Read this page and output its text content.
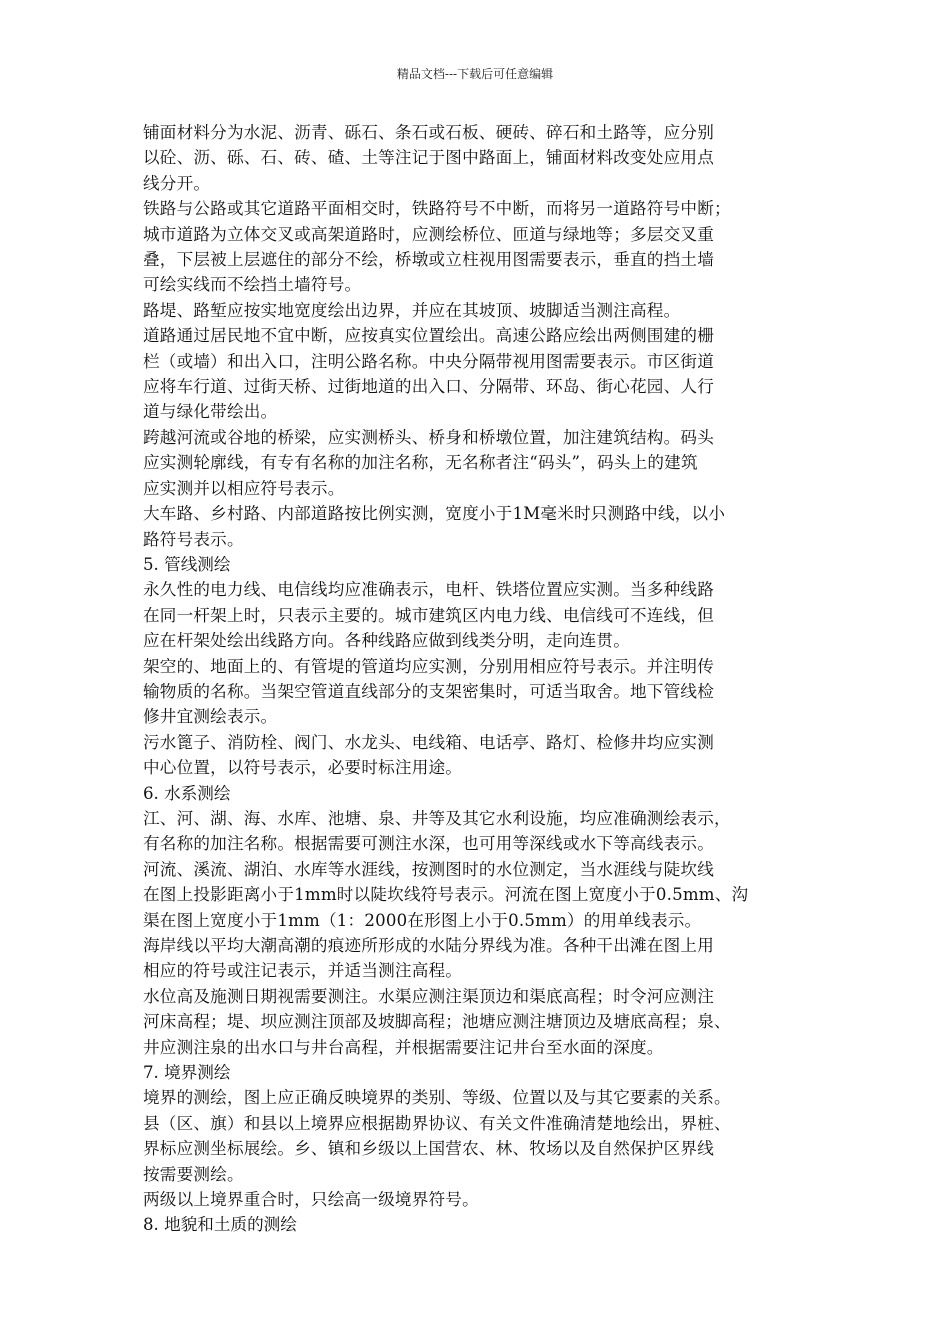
精品文档---下载后可任意编辑

铺面材料分为水泥、沥青、砾石、条石或石板、硬砖、碎石和土路等，应分别
以砼、沥、砾、石、砖、碴、土等注记于图中路面上，铺面材料改变处应用点
线分开。

铁路与公路或其它道路平面相交时，铁路符号不中断，而将另一道路符号中断；
城市道路为立体交叉或高架道路时，应测绘桥位、匝道与绿地等；多层交叉重
叠，下层被上层遮住的部分不绘，桥墩或立柱视用图需要表示，垂直的挡土墙
可绘实线而不绘挡土墙符号。

路堤、路堑应按实地宽度绘出边界，并应在其坡顶、坡脚适当测注高程。

道路通过居民地不宜中断，应按真实位置绘出。高速公路应绘出两侧围建的栅
栏（或墙）和出入口，注明公路名称。中央分隔带视用图需要表示。市区街道
应将车行道、过街天桥、过街地道的出入口、分隔带、环岛、街心花园、人行
道与绿化带绘出。

跨越河流或谷地的桥梁，应实测桥头、桥身和桥墩位置，加注建筑结构。码头
应实测轮廓线，有专有名称的加注名称，无名称者注“码头”，码头上的建筑
应实测并以相应符号表示。

大车路、乡村路、内部道路按比例实测，宽度小于1M毫米时只测路中线，以小
路符号表示。

5. 管线测绘

永久性的电力线、电信线均应准确表示，电杆、铁塔位置应实测。当多种线路
在同一杆架上时，只表示主要的。城市建筑区内电力线、电信线可不连线，但
应在杆架处绘出线路方向。各种线路应做到线类分明，走向连贯。

架空的、地面上的、有管堤的管道均应实测，分别用相应符号表示。并注明传
输物质的名称。当架空管道直线部分的支架密集时，可适当取舍。地下管线检
修井宜测绘表示。

污水篦子、消防栓、阀门、水龙头、电线箱、电话亭、路灯、检修井均应实测
中心位置，以符号表示，必要时标注用途。

6. 水系测绘

江、河、湖、海、水库、池塘、泉、井等及其它水利设施，均应准确测绘表示，
有名称的加注名称。根据需要可测注水深，也可用等深线或水下等高线表示。

河流、溪流、湖泊、水库等水涯线，按测图时的水位测定，当水涯线与陡坎线
在图上投影距离小于1mm时以陡坎线符号表示。河流在图上宽度小于0.5mm、沟
渠在图上宽度小于1mm（1：2000在形图上小于0.5mm）的用单线表示。

海岸线以平均大潮高潮的痕迹所形成的水陆分界线为准。各种干出滩在图上用
相应的符号或注记表示，并适当测注高程。

水位高及施测日期视需要测注。水渠应测注渠顶边和渠底高程；时令河应测注
河床高程；堤、坝应测注顶部及坡脚高程；池塘应测注塘顶边及塘底高程；泉、
井应测注泉的出水口与井台高程，并根据需要注记井台至水面的深度。

7. 境界测绘

境界的测绘，图上应正确反映境界的类别、等级、位置以及与其它要素的关系。
县（区、旗）和县以上境界应根据勘界协议、有关文件准确清楚地绘出，界桩、
界标应测坐标展绘。乡、镇和乡级以上国营农、林、牧场以及自然保护区界线
按需要测绘。

两级以上境界重合时，只绘高一级境界符号。

8. 地貌和土质的测绘
